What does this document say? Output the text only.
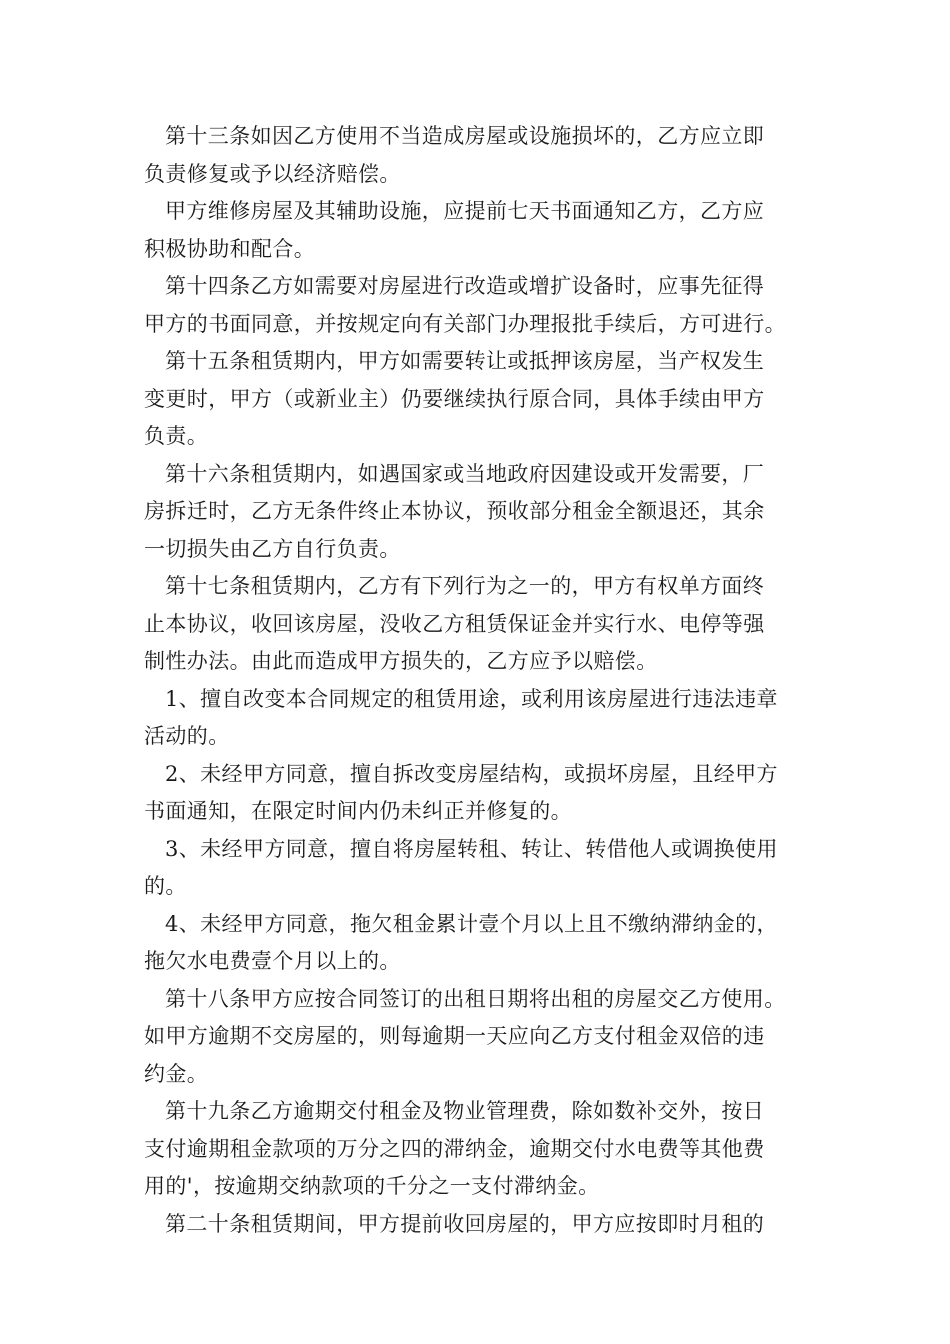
第十三条如因乙方使用不当造成房屋或设施损坏的，乙方应立即
负责修复或予以经济赔偿。

甲方维修房屋及其辅助设施，应提前七天书面通知乙方，乙方应
积极协助和配合。

第十四条乙方如需要对房屋进行改造或增扩设备时，应事先征得
甲方的书面同意，并按规定向有关部门办理报批手续后，方可进行。

第十五条租赁期内，甲方如需要转让或抵押该房屋，当产权发生
变更时，甲方（或新业主）仍要继续执行原合同，具体手续由甲方
负责。

第十六条租赁期内，如遇国家或当地政府因建设或开发需要，厂
房拆迁时，乙方无条件终止本协议，预收部分租金全额退还，其余
一切损失由乙方自行负责。

第十七条租赁期内，乙方有下列行为之一的，甲方有权单方面终
止本协议，收回该房屋，没收乙方租赁保证金并实行水、电停等强
制性办法。由此而造成甲方损失的，乙方应予以赔偿。

1、擅自改变本合同规定的租赁用途，或利用该房屋进行违法违章
活动的。

2、未经甲方同意，擅自拆改变房屋结构，或损坏房屋，且经甲方
书面通知，在限定时间内仍未纠正并修复的。

3、未经甲方同意，擅自将房屋转租、转让、转借他人或调换使用
的。

4、未经甲方同意，拖欠租金累计壹个月以上且不缴纳滞纳金的，
拖欠水电费壹个月以上的。

第十八条甲方应按合同签订的出租日期将出租的房屋交乙方使用。
如甲方逾期不交房屋的，则每逾期一天应向乙方支付租金双倍的违
约金。

第十九条乙方逾期交付租金及物业管理费，除如数补交外，按日
支付逾期租金款项的万分之四的滞纳金，逾期交付水电费等其他费
用的'，按逾期交纳款项的千分之一支付滞纳金。

第二十条租赁期间，甲方提前收回房屋的，甲方应按即时月租的
